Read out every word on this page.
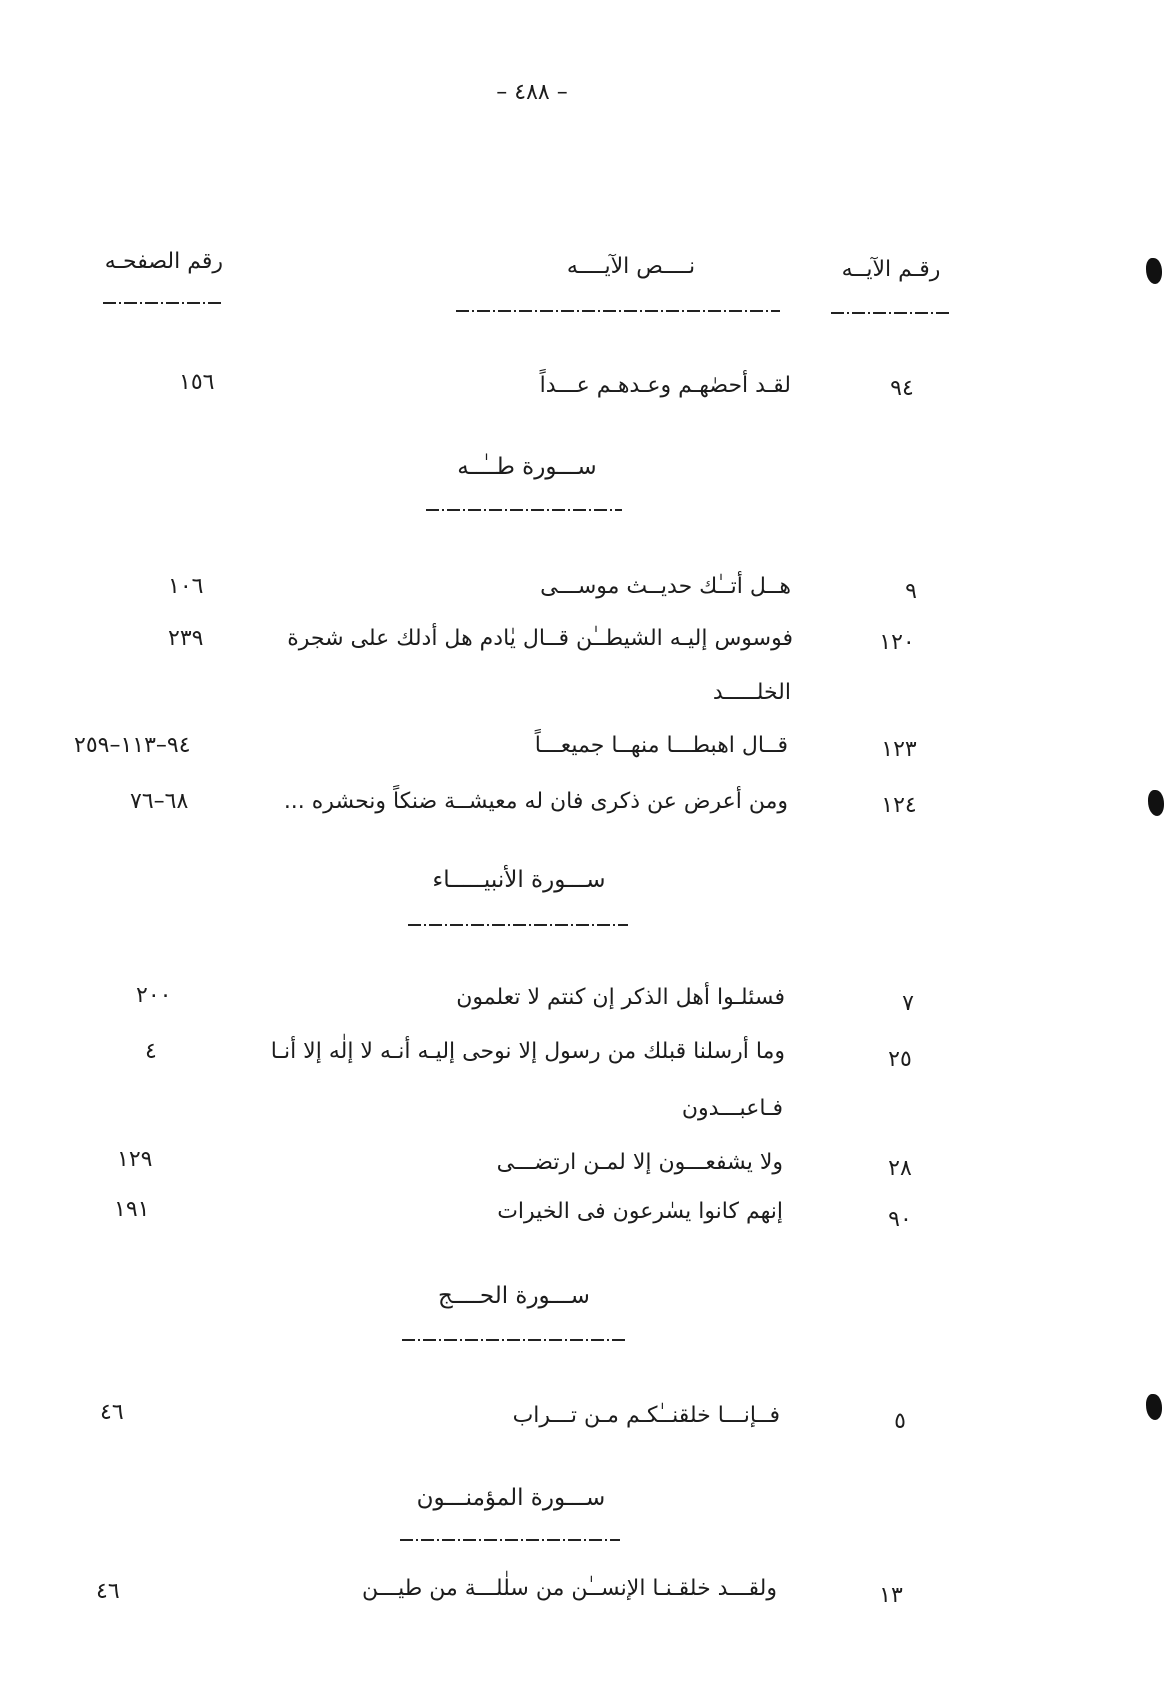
– ٤٨٨ –
رقم الصفحـه	نــــص الآيــــه	رقـم الآيــه
١٥٦	لقـد أحصٰهـم وعـدهـم عـــداً	٩٤
ســـورة طــٰــه
١٠٦	هــل أتــٰك حديــث موســـى	٩
٢٣٩	فوسوس إليـه الشيطــٰن قــال يٰادم هل أدلك على شجرة	١٢٠
الخلـــــد
٩٤–١١٣–٢٥٩	قــال اهبطـــا منهــا جميعـــاً	١٢٣
٦٨–٧٦	ومن أعرض عن ذكرى فان له معيشــة ضنكاً ونحشره ...	١٢٤
ســـورة الأنبيـــــاء
٢٠٠	فسئلـوا أهل الذكر إن كنتم لا تعلمون	٧
٤	وما أرسلنا قبلك من رسول إلا نوحى إليـه أنـه لا إلٰه إلا أنـا	٢٥
فـاعبـــدون
١٢٩	ولا يشفعـــون إلا لمـن ارتضـــى	٢٨
١٩١	إنهم كانوا يسٰرعون فى الخيرات	٩٠
ســـورة الحــــج
٤٦	فــإنـــا خلقنــٰكـم مـن تـــراب	٥
ســـورة المؤمنـــون
٤٦	ولقـــد خلقـنـا الإنســٰن من سلٰلـــة من طيـــن	١٣
